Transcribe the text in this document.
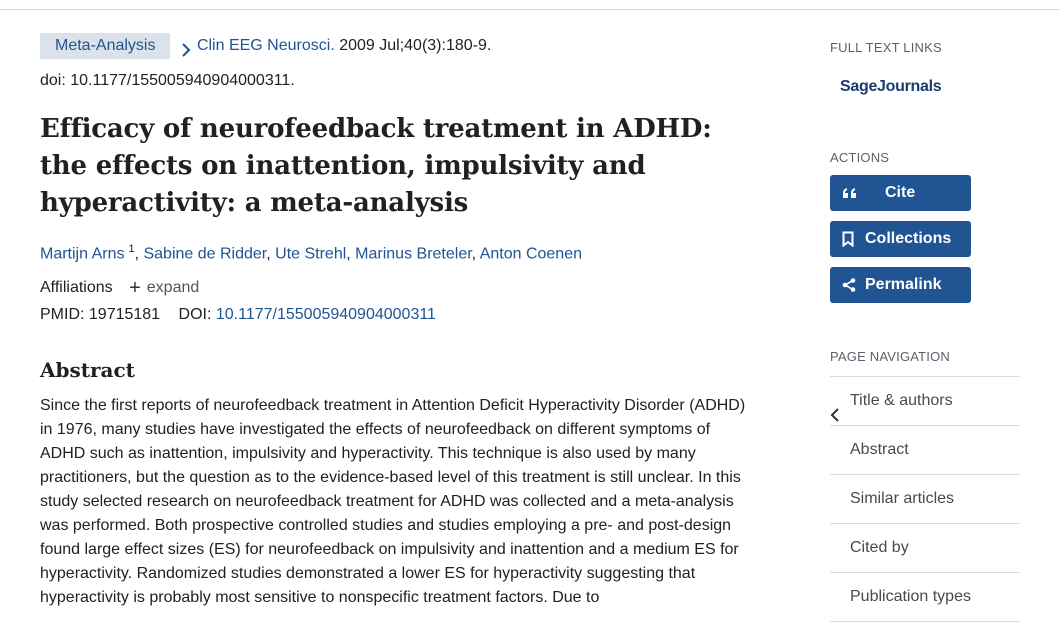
Meta-Analysis	Clin EEG Neurosci. 2009 Jul;40(3):180-9.
doi: 10.1177/155005940904000311.
Efficacy of neurofeedback treatment in ADHD: the effects on inattention, impulsivity and hyperactivity: a meta-analysis
Martijn Arns $^1$, Sabine de Ridder, Ute Strehl, Marinus Breteler, Anton Coenen
Affiliations + expand
PMID: 19715181 DOI: 10.1177/155005940904000311
Abstract
Since the first reports of neurofeedback treatment in Attention Deficit Hyperactivity Disorder (ADHD) in 1976, many studies have investigated the effects of neurofeedback on different symptoms of ADHD such as inattention, impulsivity and hyperactivity. This technique is also used by many practitioners, but the question as to the evidence-based level of this treatment is still unclear. In this study selected research on neurofeedback treatment for ADHD was collected and a meta-analysis was performed. Both prospective controlled studies and studies employing a pre- and post-design found large effect sizes (ES) for neurofeedback on impulsivity and inattention and a medium ES for hyperactivity. Randomized studies demonstrated a lower ES for hyperactivity suggesting that hyperactivity is probably most sensitive to nonspecific treatment factors. Due to
FULL TEXT LINKS
SageJournals
ACTIONS
Cite
Collections
Permalink
PAGE NAVIGATION
Title & authors
Abstract
Similar articles
Cited by
Publication types
